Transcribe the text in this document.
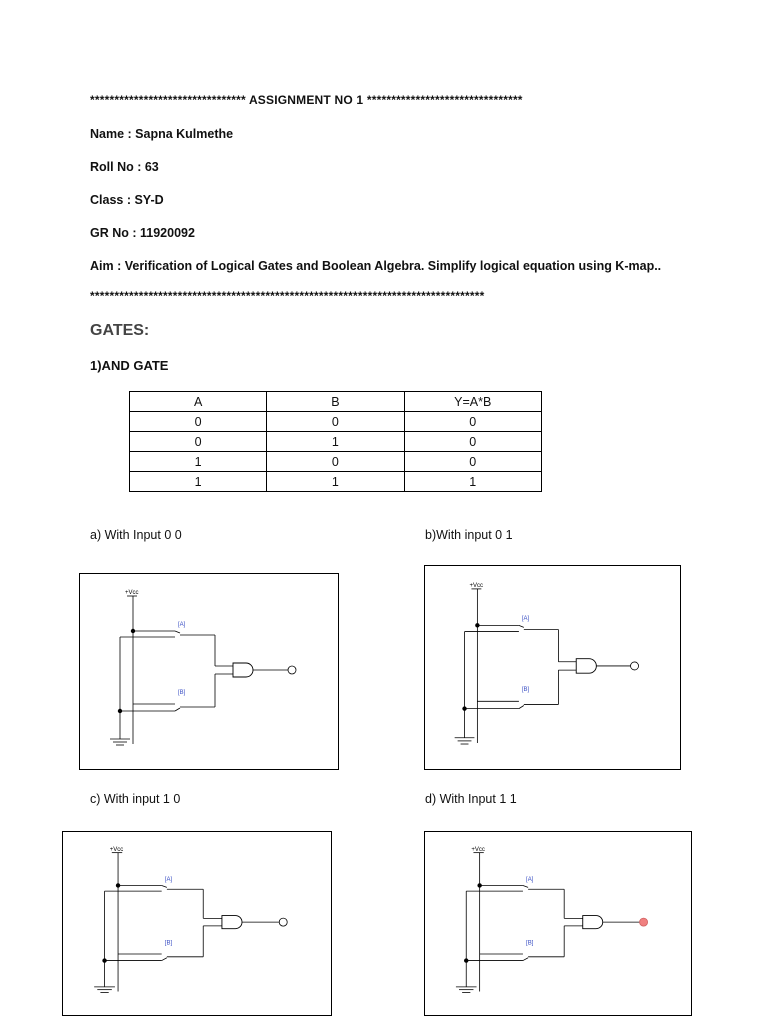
******************************** ASSIGNMENT NO 1 ********************************
Name : Sapna Kulmethe
Roll No : 63
Class : SY-D
GR No : 11920092
Aim : Verification of Logical Gates and Boolean Algebra. Simplify logical equation using K-map..
*********************************************************************************
GATES:
1)AND GATE
A	B	Y=A*B
0	0	0
0	1	0
1	0	0
1	1	1
a) With Input 0 0	b)With input 0 1
c) With input 1 0	d) With Input 1 1
+Vcc
[A]
[B]
+Vcc
[A]
[B]
+Vcc
[A]
[B]
+Vcc
[A]
[B]
